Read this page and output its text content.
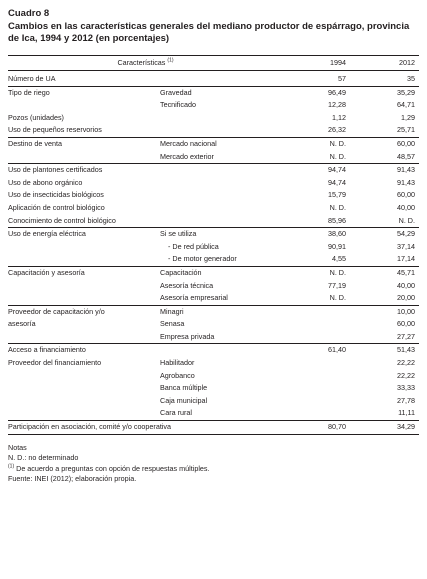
Cuadro 8
Cambios en las características generales del mediano productor de espárrago, provincia de Ica, 1994 y 2012 (en porcentajes)
Características $^{(1)}$		1994	2012
Número de UA		57	35
Tipo de riego	Gravedad	96,49	35,29
	Tecnificado	12,28	64,71
Pozos (unidades)		1,12	1,29
Uso de pequeños reservorios		26,32	25,71
Destino de venta	Mercado nacional	N. D.	60,00
	Mercado exterior	N. D.	48,57
Uso de plantones certificados		94,74	91,43
Uso de abono orgánico		94,74	91,43
Uso de insecticidas biológicos		15,79	60,00
Aplicación de control biológico		N. D.	40,00
Conocimiento de control biológico		85,96	N. D.
Uso de energía eléctrica	Si se utiliza	38,60	54,29
	- De red pública	90,91	37,14
	- De motor generador	4,55	17,14
Capacitación y asesoría	Capacitación	N. D.	45,71
	Asesoría técnica	77,19	40,00
	Asesoría empresarial	N. D.	20,00
Proveedor de capacitación y/o	Minagri		10,00
asesoría	Senasa		60,00
	Empresa privada		27,27
Acceso a financiamiento		61,40	51,43
Proveedor del financiamiento	Habilitador		22,22
	Agrobanco		22,22
	Banca múltiple		33,33
	Caja municipal		27,78
	Cara rural		11,11
Participación en asociación, comité y/o cooperativa		80,70	34,29
Notas
N. D.: no determinado
$^{(1)}$ De acuerdo a preguntas con opción de respuestas múltiples.
Fuente: INEI (2012); elaboración propia.
